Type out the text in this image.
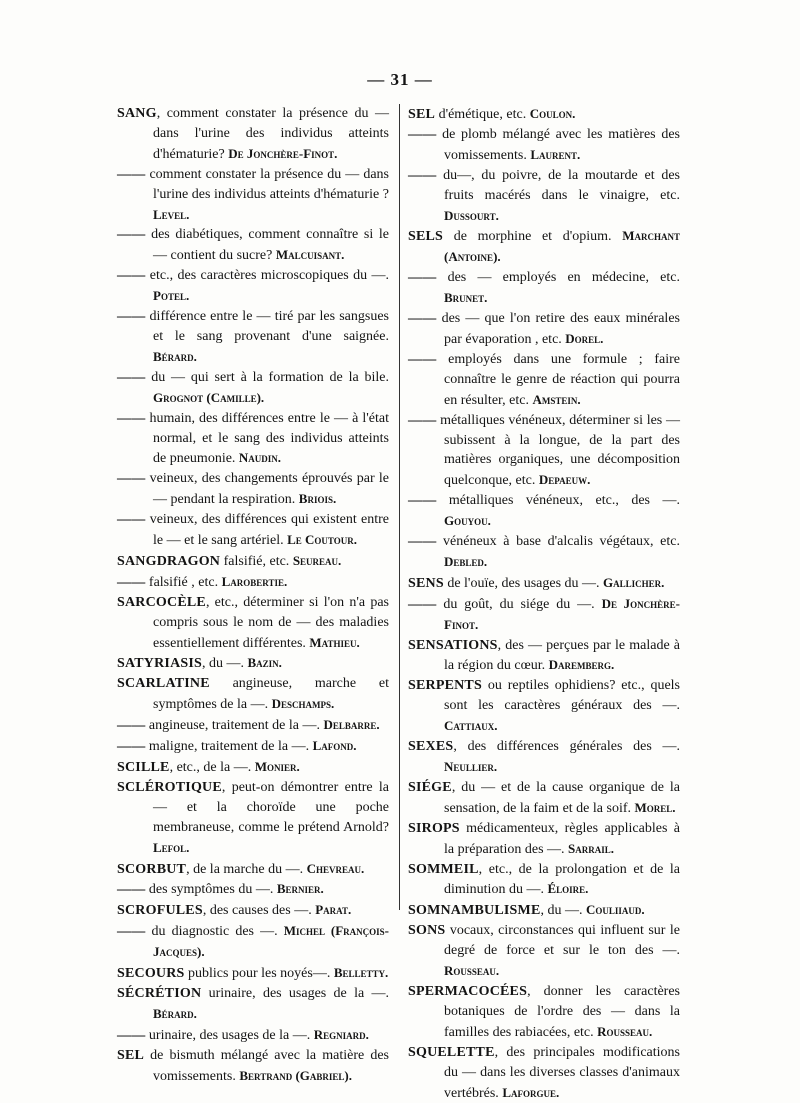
— 31 —
SANG, comment constater la présence du — dans l'urine des individus atteints d'hématurie? De Jonchère-Finot.
—— comment constater la présence du — dans l'urine des individus atteints d'hématurie ? Level.
—— des diabétiques, comment connaître si le — contient du sucre? Malcuisant.
—— etc., des caractères microscopiques du —. Potel.
—— différence entre le — tiré par les sangsues et le sang provenant d'une saignée. Bérard.
—— du — qui sert à la formation de la bile. Grognot (Camille).
—— humain, des différences entre le — à l'état normal, et le sang des individus atteints de pneumonie. Naudin.
—— veineux, des changements éprouvés par le — pendant la respiration. Briois.
—— veineux, des différences qui existent entre le — et le sang artériel. Le Coutour.
SANGDRAGON falsifié, etc. Seureau.
—— falsifié , etc. Larobertie.
SARCOCÈLE, etc., déterminer si l'on n'a pas compris sous le nom de — des maladies essentiellement différentes. Mathieu.
SATYRIASIS, du —. Bazin.
SCARLATINE angineuse, marche et symptômes de la —. Deschamps.
—— angineuse, traitement de la —. Delbarre.
—— maligne, traitement de la —. Lafond.
SCILLE, etc., de la —. Monier.
SCLÉROTIQUE, peut-on démontrer entre la — et la choroïde une poche membraneuse, comme le prétend Arnold? Lefol.
SCORBUT, de la marche du —. Chevreau.
—— des symptômes du —. Bernier.
SCROFULES, des causes des —. Parat.
—— du diagnostic des —. Michel (François-Jacques).
SECOURS publics pour les noyés—. Belletty.
SÉCRÉTION urinaire, des usages de la —. Bérard.
—— urinaire, des usages de la —. Regniard.
SEL de bismuth mélangé avec la matière des vomissements. Bertrand (Gabriel).
SEL d'émétique, etc. Coulon.
—— de plomb mélangé avec les matières des vomissements. Laurent.
—— du—, du poivre, de la moutarde et des fruits macérés dans le vinaigre, etc. Dussourt.
SELS de morphine et d'opium. Marchant (Antoine).
—— des — employés en médecine, etc. Brunet.
—— des — que l'on retire des eaux minérales par évaporation , etc. Dorel.
—— employés dans une formule ; faire connaître le genre de réaction qui pourra en résulter, etc. Amstein.
—— métalliques vénéneux, déterminer si les — subissent à la longue, de la part des matières organiques, une décomposition quelconque, etc. Depaeuw.
—— métalliques vénéneux, etc., des —. Gouyou.
—— vénéneux à base d'alcalis végétaux, etc. Debled.
SENS de l'ouïe, des usages du —. Gallicher.
—— du goût, du siége du —. De Jonchère-Finot.
SENSATIONS, des — perçues par le malade à la région du cœur. Daremberg.
SERPENTS ou reptiles ophidiens? etc., quels sont les caractères généraux des —. Cattiaux.
SEXES, des différences générales des —. Neullier.
SIÉGE, du — et de la cause organique de la sensation, de la faim et de la soif. Morel.
SIROPS médicamenteux, règles applicables à la préparation des —. Sarrail.
SOMMEIL, etc., de la prolongation et de la diminution du —. Éloire.
SOMNAMBULISME, du —. Couliiaud.
SONS vocaux, circonstances qui influent sur le degré de force et sur le ton des —. Rousseau.
SPERMACOCÉES, donner les caractères botaniques de l'ordre des — dans la familles des rabiacées, etc. Rousseau.
SQUELETTE, des principales modifications du — dans les diverses classes d'animaux vertébrés. Laforgue.
